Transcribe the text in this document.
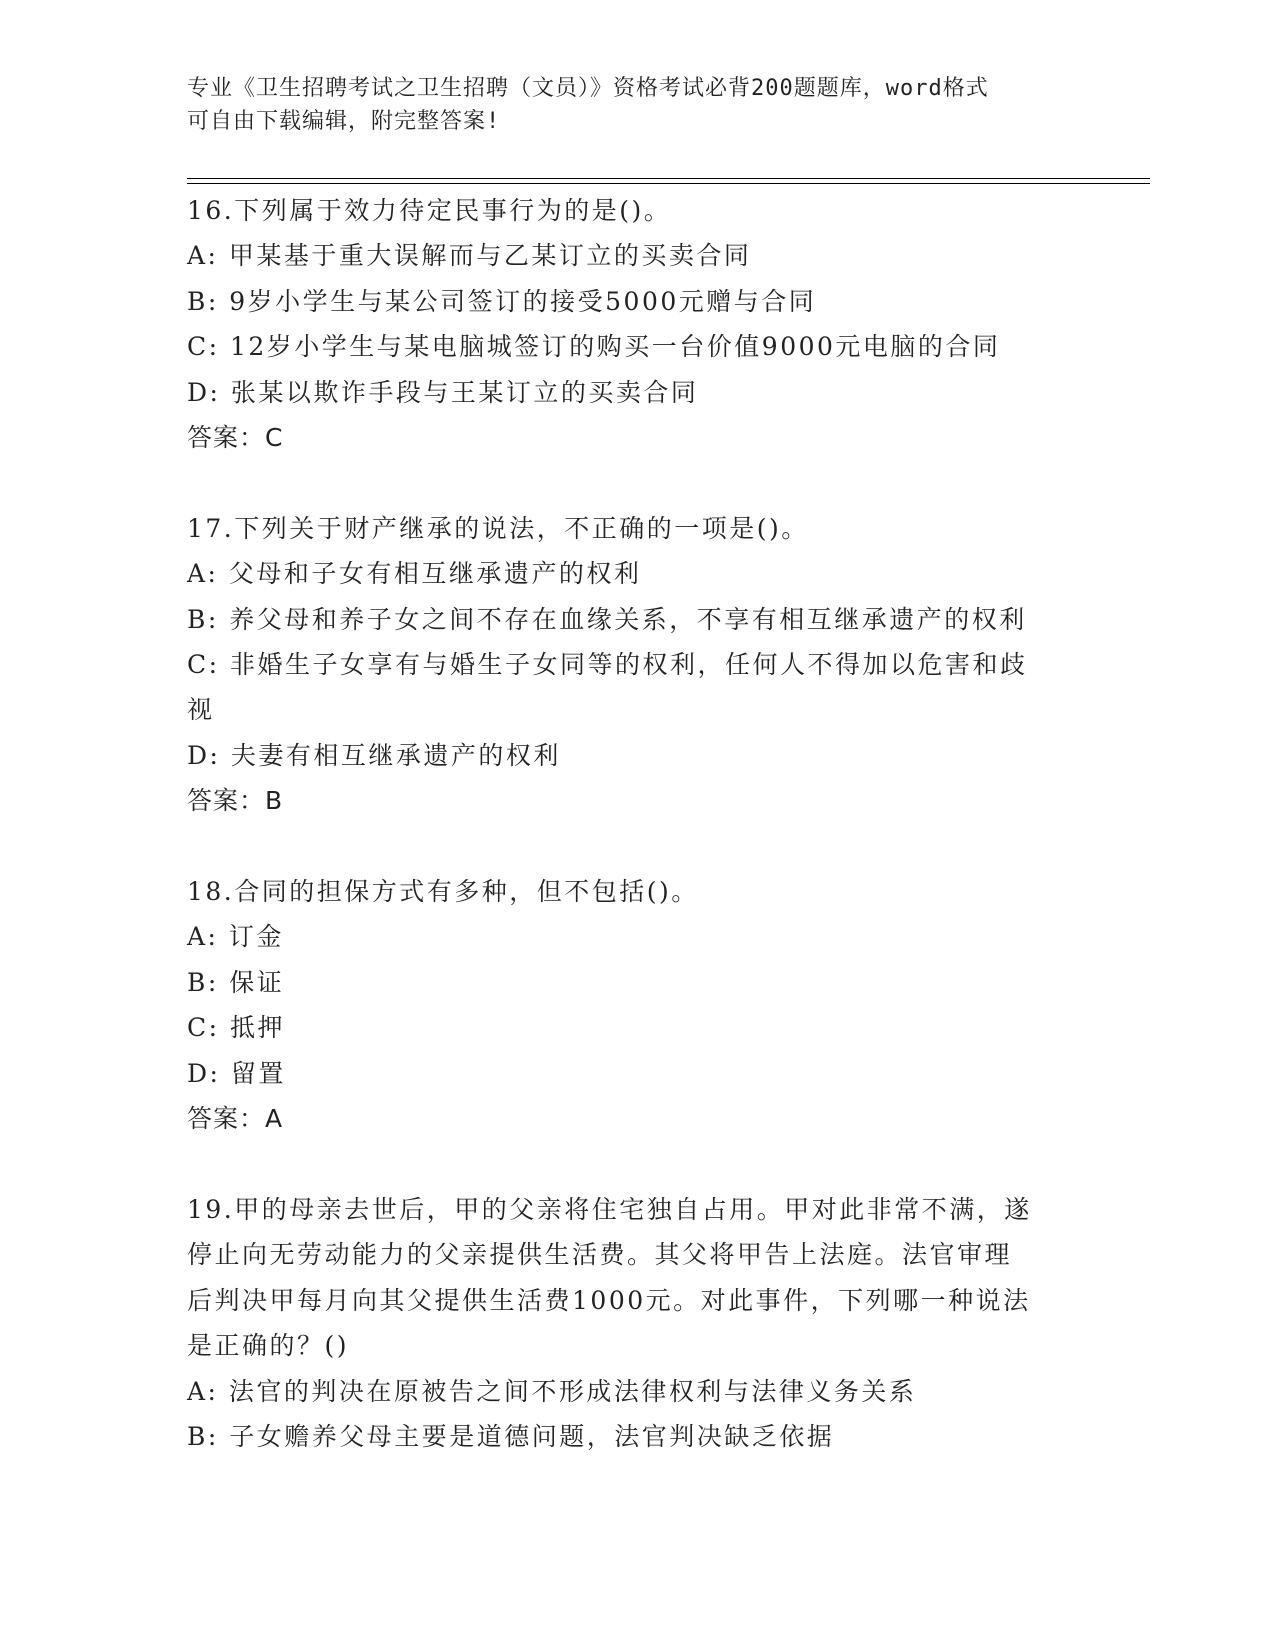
专业《卫生招聘考试之卫生招聘（文员）》资格考试必背200题题库，word格式
可自由下载编辑，附完整答案!
16.下列属于效力待定民事行为的是()。
A: 甲某基于重大误解而与乙某订立的买卖合同
B: 9岁小学生与某公司签订的接受5000元赠与合同
C: 12岁小学生与某电脑城签订的购买一台价值9000元电脑的合同
D: 张某以欺诈手段与王某订立的买卖合同
答案：C
17.下列关于财产继承的说法，不正确的一项是()。
A: 父母和子女有相互继承遗产的权利
B: 养父母和养子女之间不存在血缘关系，不享有相互继承遗产的权利
C: 非婚生子女享有与婚生子女同等的权利，任何人不得加以危害和歧
视
D: 夫妻有相互继承遗产的权利
答案：B
18.合同的担保方式有多种，但不包括()。
A: 订金
B: 保证
C: 抵押
D: 留置
答案：A
19.甲的母亲去世后，甲的父亲将住宅独自占用。甲对此非常不满，遂
停止向无劳动能力的父亲提供生活费。其父将甲告上法庭。法官审理
后判决甲每月向其父提供生活费1000元。对此事件，下列哪一种说法
是正确的？()
A: 法官的判决在原被告之间不形成法律权利与法律义务关系
B: 子女赡养父母主要是道德问题，法官判决缺乏依据
